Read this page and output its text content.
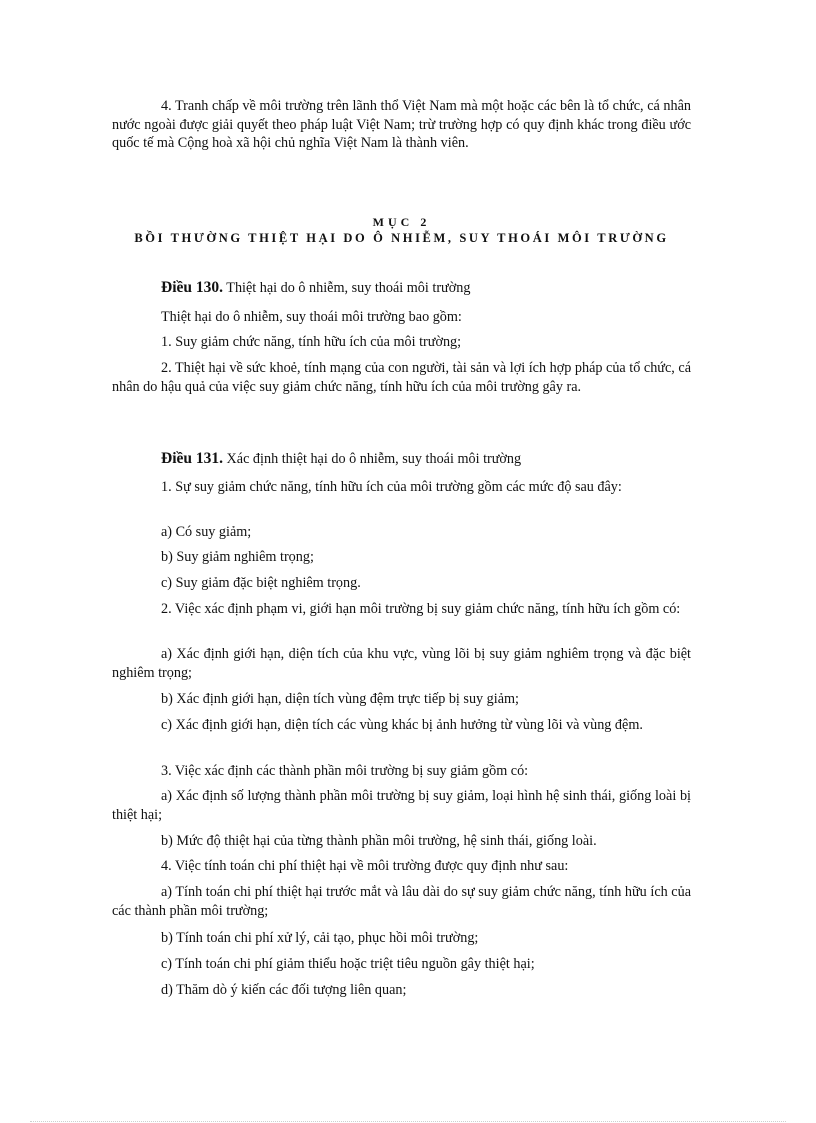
4. Tranh chấp về môi trường trên lãnh thổ Việt Nam mà một hoặc các bên là tổ chức, cá nhân nước ngoài được giải quyết theo pháp luật Việt Nam; trừ trường hợp có quy định khác trong điều ước quốc tế mà Cộng hoà xã hội chủ nghĩa Việt Nam là thành viên.

MỤC 2
BỒI THƯỜNG THIỆT HẠI DO Ô NHIỄM, SUY THOÁI MÔI TRƯỜNG

Điều 130. Thiệt hại do ô nhiễm, suy thoái môi trường

Thiệt hại do ô nhiễm, suy thoái môi trường bao gồm:

1. Suy giảm chức năng, tính hữu ích của môi trường;

2. Thiệt hại về sức khoẻ, tính mạng của con người, tài sản và lợi ích hợp pháp của tổ chức, cá nhân do hậu quả của việc suy giảm chức năng, tính hữu ích của môi trường gây ra.

Điều 131. Xác định thiệt hại do ô nhiễm, suy thoái môi trường

1. Sự suy giảm chức năng, tính hữu ích của môi trường gồm các mức độ sau đây:

a) Có suy giảm;

b) Suy giảm nghiêm trọng;

c) Suy giảm đặc biệt nghiêm trọng.

2. Việc xác định phạm vi, giới hạn môi trường bị suy giảm chức năng, tính hữu ích gồm có:

a) Xác định giới hạn, diện tích của khu vực, vùng lõi bị suy giảm nghiêm trọng và đặc biệt nghiêm trọng;

b) Xác định giới hạn, diện tích vùng đệm trực tiếp bị suy giảm;

c) Xác định giới hạn, diện tích các vùng khác bị ảnh hưởng từ vùng lõi và vùng đệm.

3. Việc xác định các thành phần môi trường bị suy giảm gồm có:

a) Xác định số lượng thành phần môi trường bị suy giảm, loại hình hệ sinh thái, giống loài bị thiệt hại;

b) Mức độ thiệt hại của từng thành phần môi trường, hệ sinh thái, giống loài.

4. Việc tính toán chi phí thiệt hại về môi trường được quy định như sau:

a) Tính toán chi phí thiệt hại trước mắt và lâu dài do sự suy giảm chức năng, tính hữu ích của các thành phần môi trường;

b) Tính toán chi phí xử lý, cải tạo, phục hồi môi trường;

c) Tính toán chi phí giảm thiểu hoặc triệt tiêu nguồn gây thiệt hại;

d) Thăm dò ý kiến các đối tượng liên quan;
